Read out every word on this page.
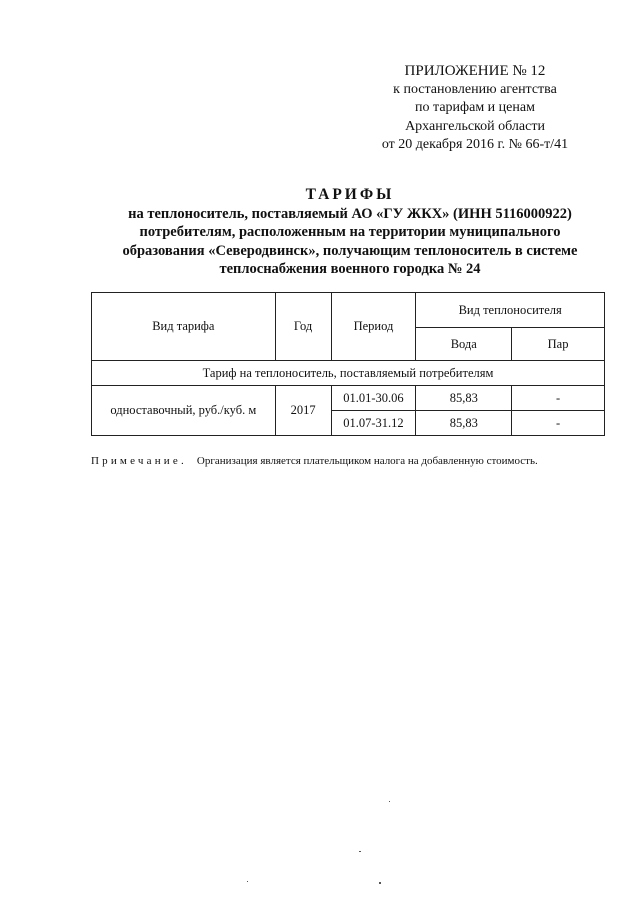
ПРИЛОЖЕНИЕ № 12
к постановлению агентства
по тарифам и ценам
Архангельской области
от 20 декабря 2016 г. № 66-т/41
ТАРИФЫ
на теплоноситель, поставляемый АО «ГУ ЖКХ» (ИНН 5116000922)
потребителям, расположенным на территории муниципального
образования «Северодвинск», получающим теплоноситель в системе
теплоснабжения военного городка № 24
Вид тарифа	Год	Период	Вид теплоносителя	
			Вода	Пар
Тариф на теплоноситель, поставляемый потребителям				
одноставочный, руб./куб. м	2017	01.01-30.06	85,83	-
		01.07-31.12	85,83	-
Примечание. Организация является плательщиком налога на добавленную стоимость.
